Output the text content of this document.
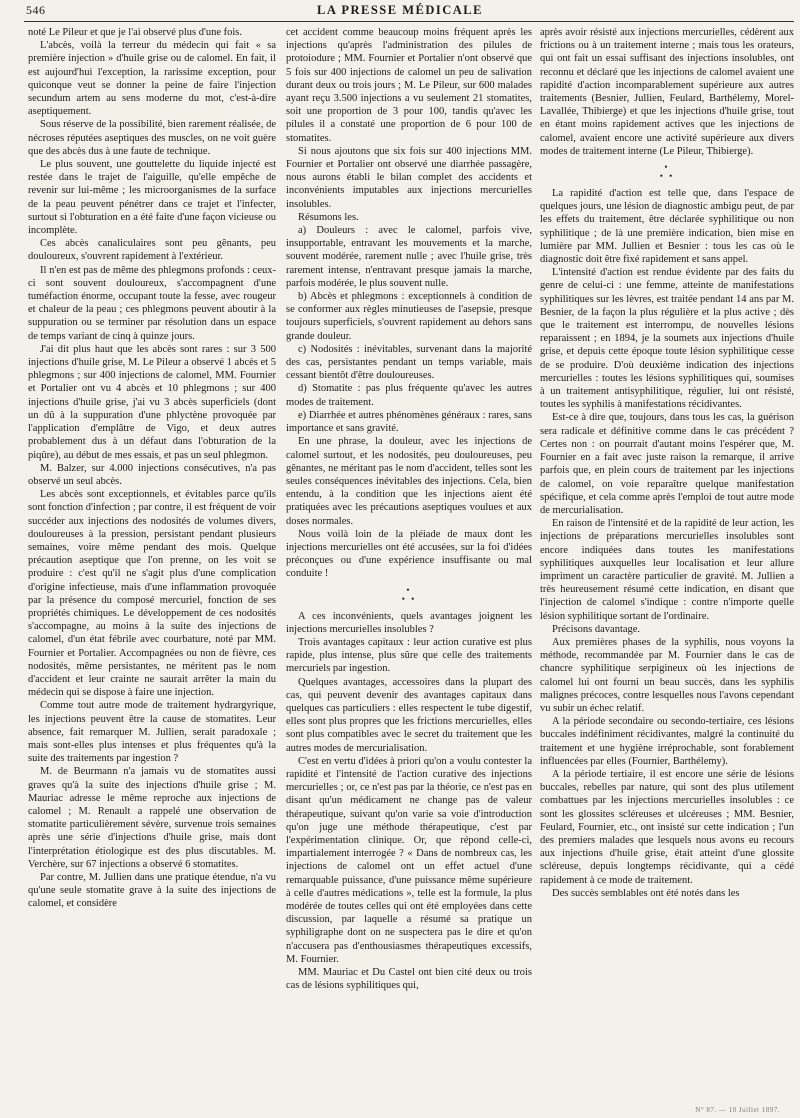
546	LA PRESSE MÉDICALE

noté Le Pileur et que je l'ai observé plus d'une fois.

L'abcès, voilà la terreur du médecin qui fait « sa première injection » d'huile grise ou de calomel. En fait, il est aujourd'hui l'exception, la rarissime exception, pour quiconque veut se donner la peine de faire l'injection secundum artem au sens moderne du mot, c'est-à-dire aseptiquement.

Sous réserve de la possibilité, bien rarement réalisée, de nécroses réputées aseptiques des muscles, on ne voit guère que des abcès dus à une faute de technique.

Le plus souvent, une gouttelette du liquide injecté est restée dans le trajet de l'aiguille, qu'elle empêche de revenir sur lui-même ; les microorganismes de la surface de la peau peuvent pénétrer dans ce trajet et l'infecter, surtout si l'obturation en a été faite d'une façon vicieuse ou incomplète.

Ces abcès canaliculaires sont peu gênants, peu douloureux, s'ouvrent rapidement à l'extérieur.

Il n'en est pas de même des phlegmons profonds : ceux-ci sont souvent douloureux, s'accompagnent d'une tuméfaction énorme, occupant toute la fesse, avec rougeur et chaleur de la peau ; ces phlegmons peuvent aboutir à la suppuration ou se terminer par résolution dans un espace de temps variant de cinq à quinze jours.

J'ai dit plus haut que les abcès sont rares : sur 3 500 injections d'huile grise, M. Le Pileur a observé 1 abcès et 5 phlegmons ; sur 400 injections de calomel, MM. Fournier et Portalier ont vu 4 abcès et 10 phlegmons ; sur 400 injections d'huile grise, j'ai vu 3 abcès superficiels (dont un dû à la suppuration d'une phlyctène provoquée par l'application d'emplâtre de Vigo, et deux autres probablement dus à un défaut dans l'obturation de la piqûre), au début de mes essais, et pas un seul phlegmon.

M. Balzer, sur 4.000 injections consécutives, n'a pas observé un seul abcès.

Les abcès sont exceptionnels, et évitables parce qu'ils sont fonction d'infection ; par contre, il est fréquent de voir succéder aux injections des nodosités de volumes divers, douloureuses à la pression, persistant pendant plusieurs semaines, voire même pendant des mois. Quelque précaution aseptique que l'on prenne, on les voit se produire : c'est qu'il ne s'agit plus d'une complication d'origine infectieuse, mais d'une inflammation provoquée par la présence du composé mercuriel, fonction de ses propriétés chimiques. Le développement de ces nodosités s'accompagne, au moins à la suite des injections de calomel, d'un état fébrile avec courbature, noté par MM. Fournier et Portalier. Accompagnées ou non de fièvre, ces nodosités, même persistantes, ne méritent pas le nom d'accident et leur crainte ne saurait arrêter la main du médecin qui se dispose à faire une injection.

Comme tout autre mode de traitement hydrargyrique, les injections peuvent être la cause de stomatites. Leur absence, fait remarquer M. Jullien, serait paradoxale ; mais sont-elles plus intenses et plus fréquentes qu'à la suite des traitements par ingestion ?

M. de Beurmann n'a jamais vu de stomatites aussi graves qu'à la suite des injections d'huile grise ; M. Mauriac adresse le même reproche aux injections de calomel ; M. Renault a rappelé une observation de stomatite particulièrement sévère, survenue trois semaines après une série d'injections d'huile grise, mais dont l'interprétation étiologique est des plus discutables. M. Verchère, sur 67 injections a observé 6 stomatites.

Par contre, M. Jullien dans une pratique étendue, n'a vu qu'une seule stomatite grave à la suite des injections de calomel, et considère

cet accident comme beaucoup moins fréquent après les injections qu'après l'administration des pilules de protoiodure ; MM. Fournier et Portalier n'ont observé que 5 fois sur 400 injections de calomel un peu de salivation durant deux ou trois jours ; M. Le Pileur, sur 600 malades ayant reçu 3.500 injections a vu seulement 21 stomatites, soit une proportion de 3 pour 100, tandis qu'avec les pilules il a constaté une proportion de 6 pour 100 de stomatites.

Si nous ajoutons que six fois sur 400 injections MM. Fournier et Portalier ont observé une diarrhée passagère, nous aurons établi le bilan complet des accidents et inconvénients imputables aux injections mercurielles insolubles.

Résumons les.

a) Douleurs : avec le calomel, parfois vive, insupportable, entravant les mouvements et la marche, souvent modérée, rarement nulle ; avec l'huile grise, très rarement intense, n'entravant presque jamais la marche, parfois modérée, le plus souvent nulle.

b) Abcès et phlegmons : exceptionnels à condition de se conformer aux règles minutieuses de l'asepsie, presque toujours superficiels, s'ouvrent rapidement au dehors sans grande douleur.

c) Nodosités : inévitables, survenant dans la majorité des cas, persistantes pendant un temps variable, mais cessant bientôt d'être douloureuses.

d) Stomatite : pas plus fréquente qu'avec les autres modes de traitement.

e) Diarrhée et autres phénomènes généraux : rares, sans importance et sans gravité.

En une phrase, la douleur, avec les injections de calomel surtout, et les nodosités, peu douloureuses, peu gênantes, ne méritant pas le nom d'accident, telles sont les seules conséquences inévitables des injections. Cela, bien entendu, à la condition que les injections aient été pratiquées avec les précautions aseptiques voulues et aux doses normales.

Nous voilà loin de la pléiade de maux dont les injections mercurielles ont été accusées, sur la foi d'idées préconçues ou d'une expérience insuffisante ou mal conduite !

•
• •

A ces inconvénients, quels avantages joignent les injections mercurielles insolubles ?

Trois avantages capitaux : leur action curative est plus rapide, plus intense, plus sûre que celle des traitements mercuriels par ingestion.

Quelques avantages, accessoires dans la plupart des cas, qui peuvent devenir des avantages capitaux dans quelques cas particuliers : elles respectent le tube digestif, elles sont plus propres que les frictions mercurielles, elles sont plus compatibles avec le secret du traitement que les autres modes de mercurialisation.

C'est en vertu d'idées à priori qu'on a voulu contester la rapidité et l'intensité de l'action curative des injections mercurielles ; or, ce n'est pas par la théorie, ce n'est pas en disant qu'un médicament ne change pas de valeur thérapeutique, suivant qu'on varie sa voie d'introduction qu'on juge une méthode thérapeutique, c'est par l'expérimentation clinique. Or, que répond celle-ci, impartialement interrogée ? « Dans de nombreux cas, les injections de calomel ont un effet actuel d'une remarquable puissance, d'une puissance même supérieure à celle d'autres médications », telle est la formule, la plus modérée de toutes celles qui ont été employées dans cette discussion, par laquelle a résumé sa pratique un syphiligraphe dont on ne suspectera pas le dire et qu'on n'accusera pas d'enthousiasmes thérapeutiques excessifs, M. Fournier.

MM. Mauriac et Du Castel ont bien cité deux ou trois cas de lésions syphilitiques qui,

après avoir résisté aux injections mercurielles, cédèrent aux frictions ou à un traitement interne ; mais tous les orateurs, qui ont fait un essai suffisant des injections insolubles, ont reconnu et déclaré que les injections de calomel avaient une rapidité d'action incomparablement supérieure aux autres traitements (Besnier, Jullien, Feulard, Barthélemy, Morel-Lavallée, Thibierge) et que les injections d'huile grise, tout en étant moins rapidement actives que les injections de calomel, avaient encore une activité supérieure aux divers modes de traitement interne (Le Pileur, Thibierge).

•
• •

La rapidité d'action est telle que, dans l'espace de quelques jours, une lésion de diagnostic ambigu peut, de par les effets du traitement, être déclarée syphilitique ou non syphilitique ; de là une première indication, bien mise en lumière par MM. Jullien et Besnier : tous les cas où le diagnostic doit être fixé rapidement et sans appel.

L'intensité d'action est rendue évidente par des faits du genre de celui-ci : une femme, atteinte de manifestations syphilitiques sur les lèvres, est traitée pendant 14 ans par M. Besnier, de la façon la plus régulière et la plus active ; dès que le traitement est interrompu, de nouvelles lésions reparaissent ; en 1894, je la soumets aux injections d'huile grise, et depuis cette époque toute lésion syphilitique cesse de se produire. D'où deuxième indication des injections mercurielles : toutes les lésions syphilitiques qui, soumises à un traitement antisyphilitique, régulier, lui ont résisté, toutes les syphilis à manifestations récidivantes.

Est-ce à dire que, toujours, dans tous les cas, la guérison sera radicale et définitive comme dans le cas précédent ? Certes non : on pourrait d'autant moins l'espérer que, M. Fournier en a fait avec juste raison la remarque, il arrive parfois que, en plein cours de traitement par les injections de calomel, on voie reparaître quelque manifestation spécifique, et cela comme après l'emploi de tout autre mode de mercurialisation.

En raison de l'intensité et de la rapidité de leur action, les injections de préparations mercurielles insolubles sont encore indiquées dans toutes les manifestations syphilitiques auxquelles leur localisation et leur allure impriment un caractère particulier de gravité. M. Jullien a très heureusement résumé cette indication, en disant que l'injection de calomel s'indique : contre n'importe quelle lésion syphilitique sortant de l'ordinaire.

Précisons davantage.

Aux premières phases de la syphilis, nous voyons la méthode, recommandée par M. Fournier dans le cas de chancre syphilitique serpigineux où les injections de calomel lui ont fourni un beau succès, dans les syphilis malignes précoces, contre lesquelles nous l'avons cependant vu subir un échec relatif.

A la période secondaire ou secondo-tertiaire, ces lésions buccales indéfiniment récidivantes, malgré la continuité du traitement et une hygiène irréprochable, sont forablement influencées par elles (Fournier, Barthélemy).

A la période tertiaire, il est encore une série de lésions buccales, rebelles par nature, qui sont des plus utilement combattues par les injections mercurielles insolubles : ce sont les glossites scléreuses et ulcéreuses ; MM. Besnier, Feulard, Fournier, etc., ont insisté sur cette indication ; l'un des premiers malades que lesquels nous avons eu recours aux injections d'huile grise, était atteint d'une glossite scléreuse, depuis longtemps récidivante, qui a cédé rapidement à ce mode de traitement.

Des succès semblables ont été notés dans les

N° 87. — 10 Juillet 1897.
